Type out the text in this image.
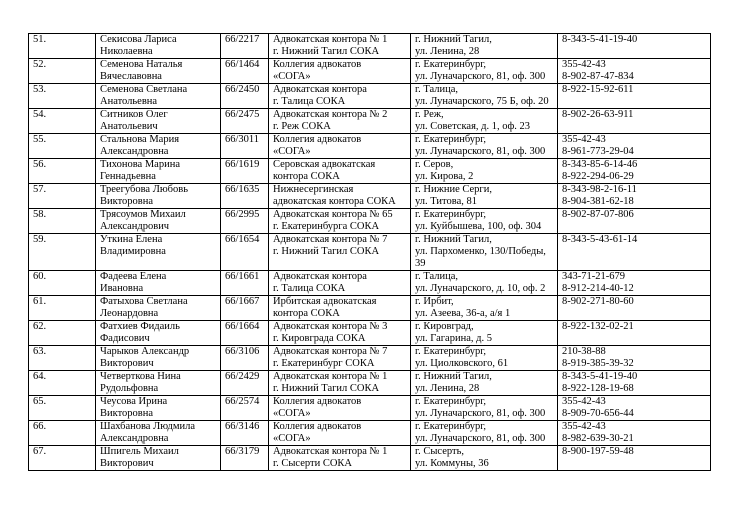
51.	Секисова Лариса
Николаевна	66/2217	Адвокатская контора № 1
г. Нижний Тагил СОКА	г. Нижний Тагил,
ул. Ленина, 28	8-343-5-41-19-40

52.	Семенова Наталья
Вячеславовна	66/1464	Коллегия адвокатов
«СОГА»	г. Екатеринбург,
ул. Луначарского, 81, оф. 300	355-42-43
8-902-87-47-834

53.	Семенова Светлана
Анатольевна	66/2450	Адвокатская контора
г. Талица СОКА	г. Талица,
ул. Луначарского, 75 Б, оф. 20	8-922-15-92-611

54.	Ситников Олег
Анатольевич	66/2475	Адвокатская контора № 2
г. Реж СОКА	г. Реж,
ул. Советская, д. 1, оф. 23	8-902-26-63-911

55.	Стальнова Мария
Александровна	66/3011	Коллегия адвокатов
«СОГА»	г. Екатеринбург,
ул. Луначарского, 81, оф. 300	355-42-43
8-961-773-29-04

56.	Тихонова Марина
Геннадьевна	66/1619	Серовская адвокатская
контора СОКА	г. Серов,
ул. Кирова, 2	8-343-85-6-14-46
8-922-294-06-29

57.	Треегубова Любовь
Викторовна	66/1635	Нижнесергинская
адвокатская контора СОКА	г. Нижние Серги,
ул. Титова, 81	8-343-98-2-16-11
8-904-381-62-18

58.	Трясоумов Михаил
Александрович	66/2995	Адвокатская контора № 65
г. Екатеринбурга СОКА	г. Екатеринбург,
ул. Куйбышева, 100, оф. 304	8-902-87-07-806

59.	Уткина Елена
Владимировна	66/1654	Адвокатская контора № 7
г. Нижний Тагил СОКА	г. Нижний Тагил,
ул. Пархоменко, 130/Победы,
39	8-343-5-43-61-14

60.	Фадеева Елена
Ивановна	66/1661	Адвокатская контора
г. Талица СОКА	г. Талица,
ул. Луначарского, д. 10, оф. 2	343-71-21-679
8-912-214-40-12

61.	Фатыхова Светлана
Леонардовна	66/1667	Ирбитская адвокатская
контора СОКА	г. Ирбит,
ул. Азеева, 36-а, а/я 1	8-902-271-80-60

62.	Фатхиев Фидаиль
Фадисович	66/1664	Адвокатская контора № 3
г. Кировграда СОКА	г. Кировград,
ул. Гагарина, д. 5	8-922-132-02-21

63.	Чарыков Александр
Викторович	66/3106	Адвокатская контора № 7
г. Екатеринбург СОКА	г. Екатеринбург,
ул. Циолковского, 61	210-38-88
8-919-385-39-32

64.	Четверткова Нина
Рудольфовна	66/2429	Адвокатская контора № 1
г. Нижний Тагил СОКА	г. Нижний Тагил,
ул. Ленина, 28	8-343-5-41-19-40
8-922-128-19-68

65.	Чеусова Ирина
Викторовна	66/2574	Коллегия адвокатов
«СОГА»	г. Екатеринбург,
ул. Луначарского, 81, оф. 300	355-42-43
8-909-70-656-44

66.	Шахбанова Людмила
Александровна	66/3146	Коллегия адвокатов
«СОГА»	г. Екатеринбург,
ул. Луначарского, 81, оф. 300	355-42-43
8-982-639-30-21

67.	Шпигель Михаил
Викторович	66/3179	Адвокатская контора № 1
г. Сысерти СОКА	г. Сысерть,
ул. Коммуны, 36	8-900-197-59-48
